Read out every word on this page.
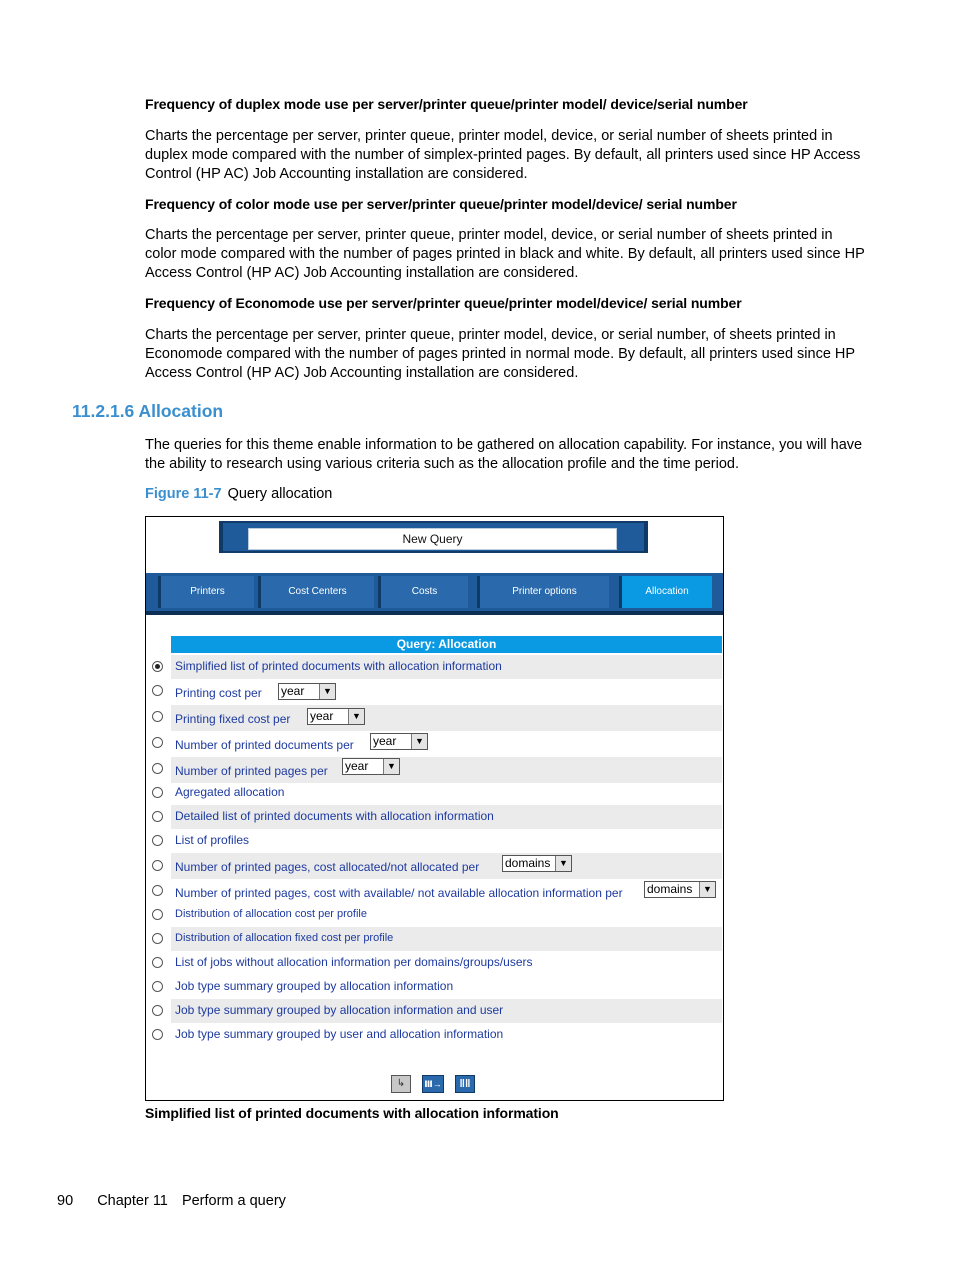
Frequency of duplex mode use per server/printer queue/printer model/ device/serial number
Charts the percentage per server, printer queue, printer model, device, or serial number of sheets printed in duplex mode compared with the number of simplex-printed pages. By default, all printers used since HP Access Control (HP AC) Job Accounting installation are considered.
Frequency of color mode use per server/printer queue/printer model/device/ serial number
Charts the percentage per server, printer queue, printer model, device, or serial number of sheets printed in color mode compared with the number of pages printed in black and white. By default, all printers used since HP Access Control (HP AC) Job Accounting installation are considered.
Frequency of Economode use per server/printer queue/printer model/device/ serial number
Charts the percentage per server, printer queue, printer model, device, or serial number, of sheets printed in Economode compared with the number of pages printed in normal mode. By default, all printers used since HP Access Control (HP AC) Job Accounting installation are considered.
11.2.1.6 Allocation
The queries for this theme enable information to be gathered on allocation capability. For instance, you will have the ability to research using various criteria such as the allocation profile and the time period.
Figure 11-7 Query allocation
New Query
Printers	Cost Centers	Costs	Printer options	Allocation
Query: Allocation
Simplified list of printed documents with allocation information
Printing cost per year	▼
Printing fixed cost per year	▼
Number of printed documents per year	▼
Number of printed pages per year	▼
Agregated allocation
Detailed list of printed documents with allocation information
List of profiles
Number of printed pages, cost allocated/not allocated per domains ▼
Number of printed pages, cost with available/ not available allocation information per domains	▼
Distribution of allocation cost per profile
Distribution of allocation fixed cost per profile
List of jobs without allocation information per domains/groups/users
Job type summary grouped by allocation information
Job type summary grouped by allocation information and user
Job type summary grouped by user and allocation information
↳	Ⅲ→	‖‖
Simplified list of printed documents with allocation information
90 Chapter 11 Perform a query
